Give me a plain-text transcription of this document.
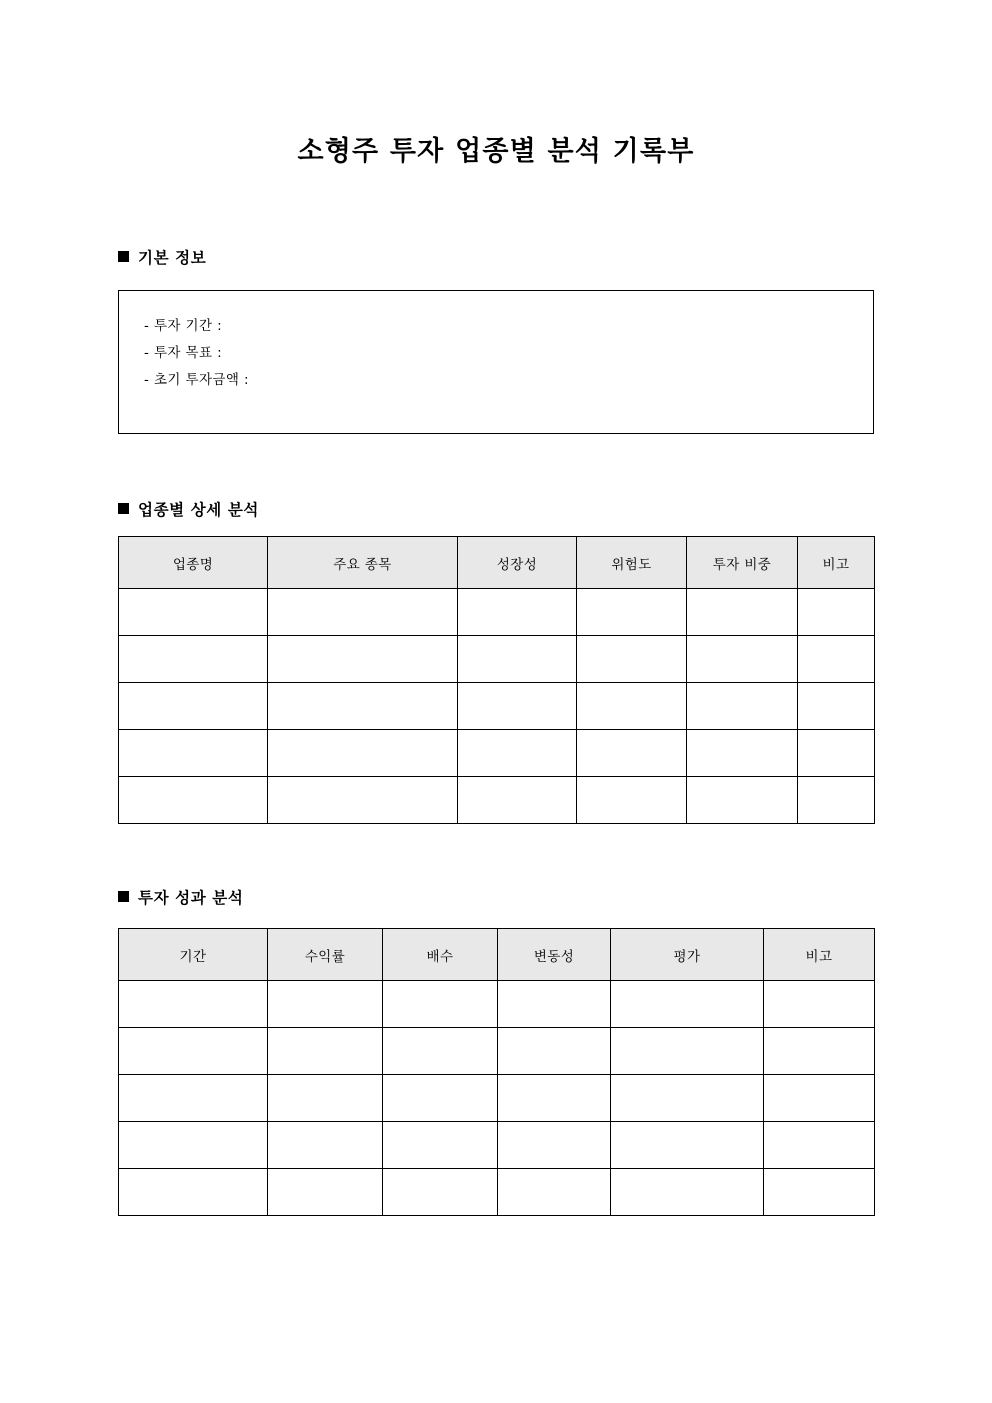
소형주 투자 업종별 분석 기록부
기본 정보
- 투자 기간 :
- 투자 목표 :
- 초기 투자금액 :
업종별 상세 분석
업종명	주요 종목	성장성	위험도	투자 비중	비고

투자 성과 분석
기간	수익률	배수	변동성	평가	비고
